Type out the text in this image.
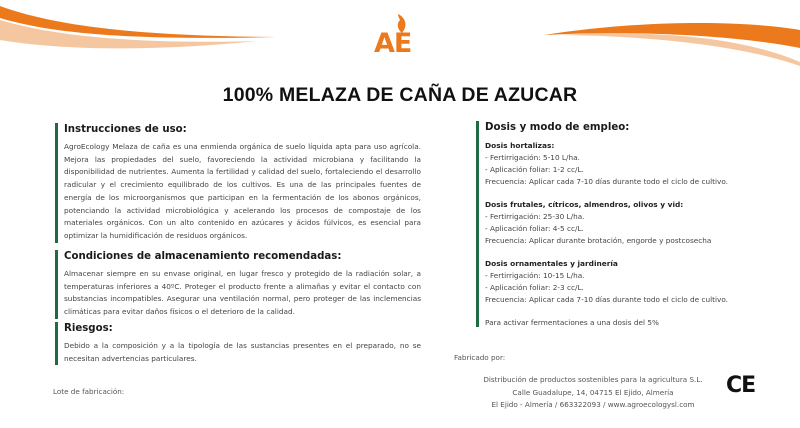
AE
100% MELAZA DE CAÑA DE AZUCAR
Instrucciones de uso:
AgroEcology Melaza de caña es una enmienda orgánica de suelo líquida apta para uso agrícola. Mejora las propiedades del suelo, favoreciendo la actividad microbiana y facilitando la disponibilidad de nutrientes. Aumenta la fertilidad y calidad del suelo, fortaleciendo el desarrollo radicular y el crecimiento equilibrado de los cultivos. Es una de las principales fuentes de energía de los microorganismos que participan en la fermentación de los abonos orgánicos, potenciando la actividad microbiológica y acelerando los procesos de compostaje de los materiales orgánicos. Con un alto contenido en azúcares y ácidos fúlvicos, es esencial para optimizar la humidificación de residuos orgánicos.
Condiciones de almacenamiento recomendadas:
Almacenar siempre en su envase original, en lugar fresco y protegido de la radiación solar, a temperaturas inferiores a 40ºC. Proteger el producto frente a alimañas y evitar el contacto con substancias incompatibles. Asegurar una ventilación normal, pero proteger de las inclemencias climáticas para evitar daños físicos o el deterioro de la calidad.
Riesgos:
Debido a la composición y a la tipología de las sustancias presentes en el preparado, no se necesitan advertencias particulares.
Dosis y modo de empleo:
Dosis hortalizas:
- Fertirrigación: 5-10 L/ha.
- Aplicación foliar: 1-2 cc/L.
Frecuencia: Aplicar cada 7-10 días durante todo el ciclo de cultivo.
Dosis frutales, cítricos, almendros, olivos y vid:
- Fertirrigación: 25-30 L/ha.
- Aplicación foliar: 4-5 cc/L.
Frecuencia: Aplicar durante brotación, engorde y postcosecha
Dosis ornamentales y jardinería
- Fertirrigación: 10-15 L/ha.
- Aplicación foliar: 2-3 cc/L.
Frecuencia: Aplicar cada 7-10 días durante todo el ciclo de cultivo.
Para activar fermentaciones a una dosis del 5%
Fabricado por:
Distribución de productos sostenibles para la agricultura S.L.
Calle Guadalupe, 14, 04715 El Ejido, Almería
El Ejido - Almería / 663322093 / www.agroecologysl.com
Lote de fabricación:	CE
